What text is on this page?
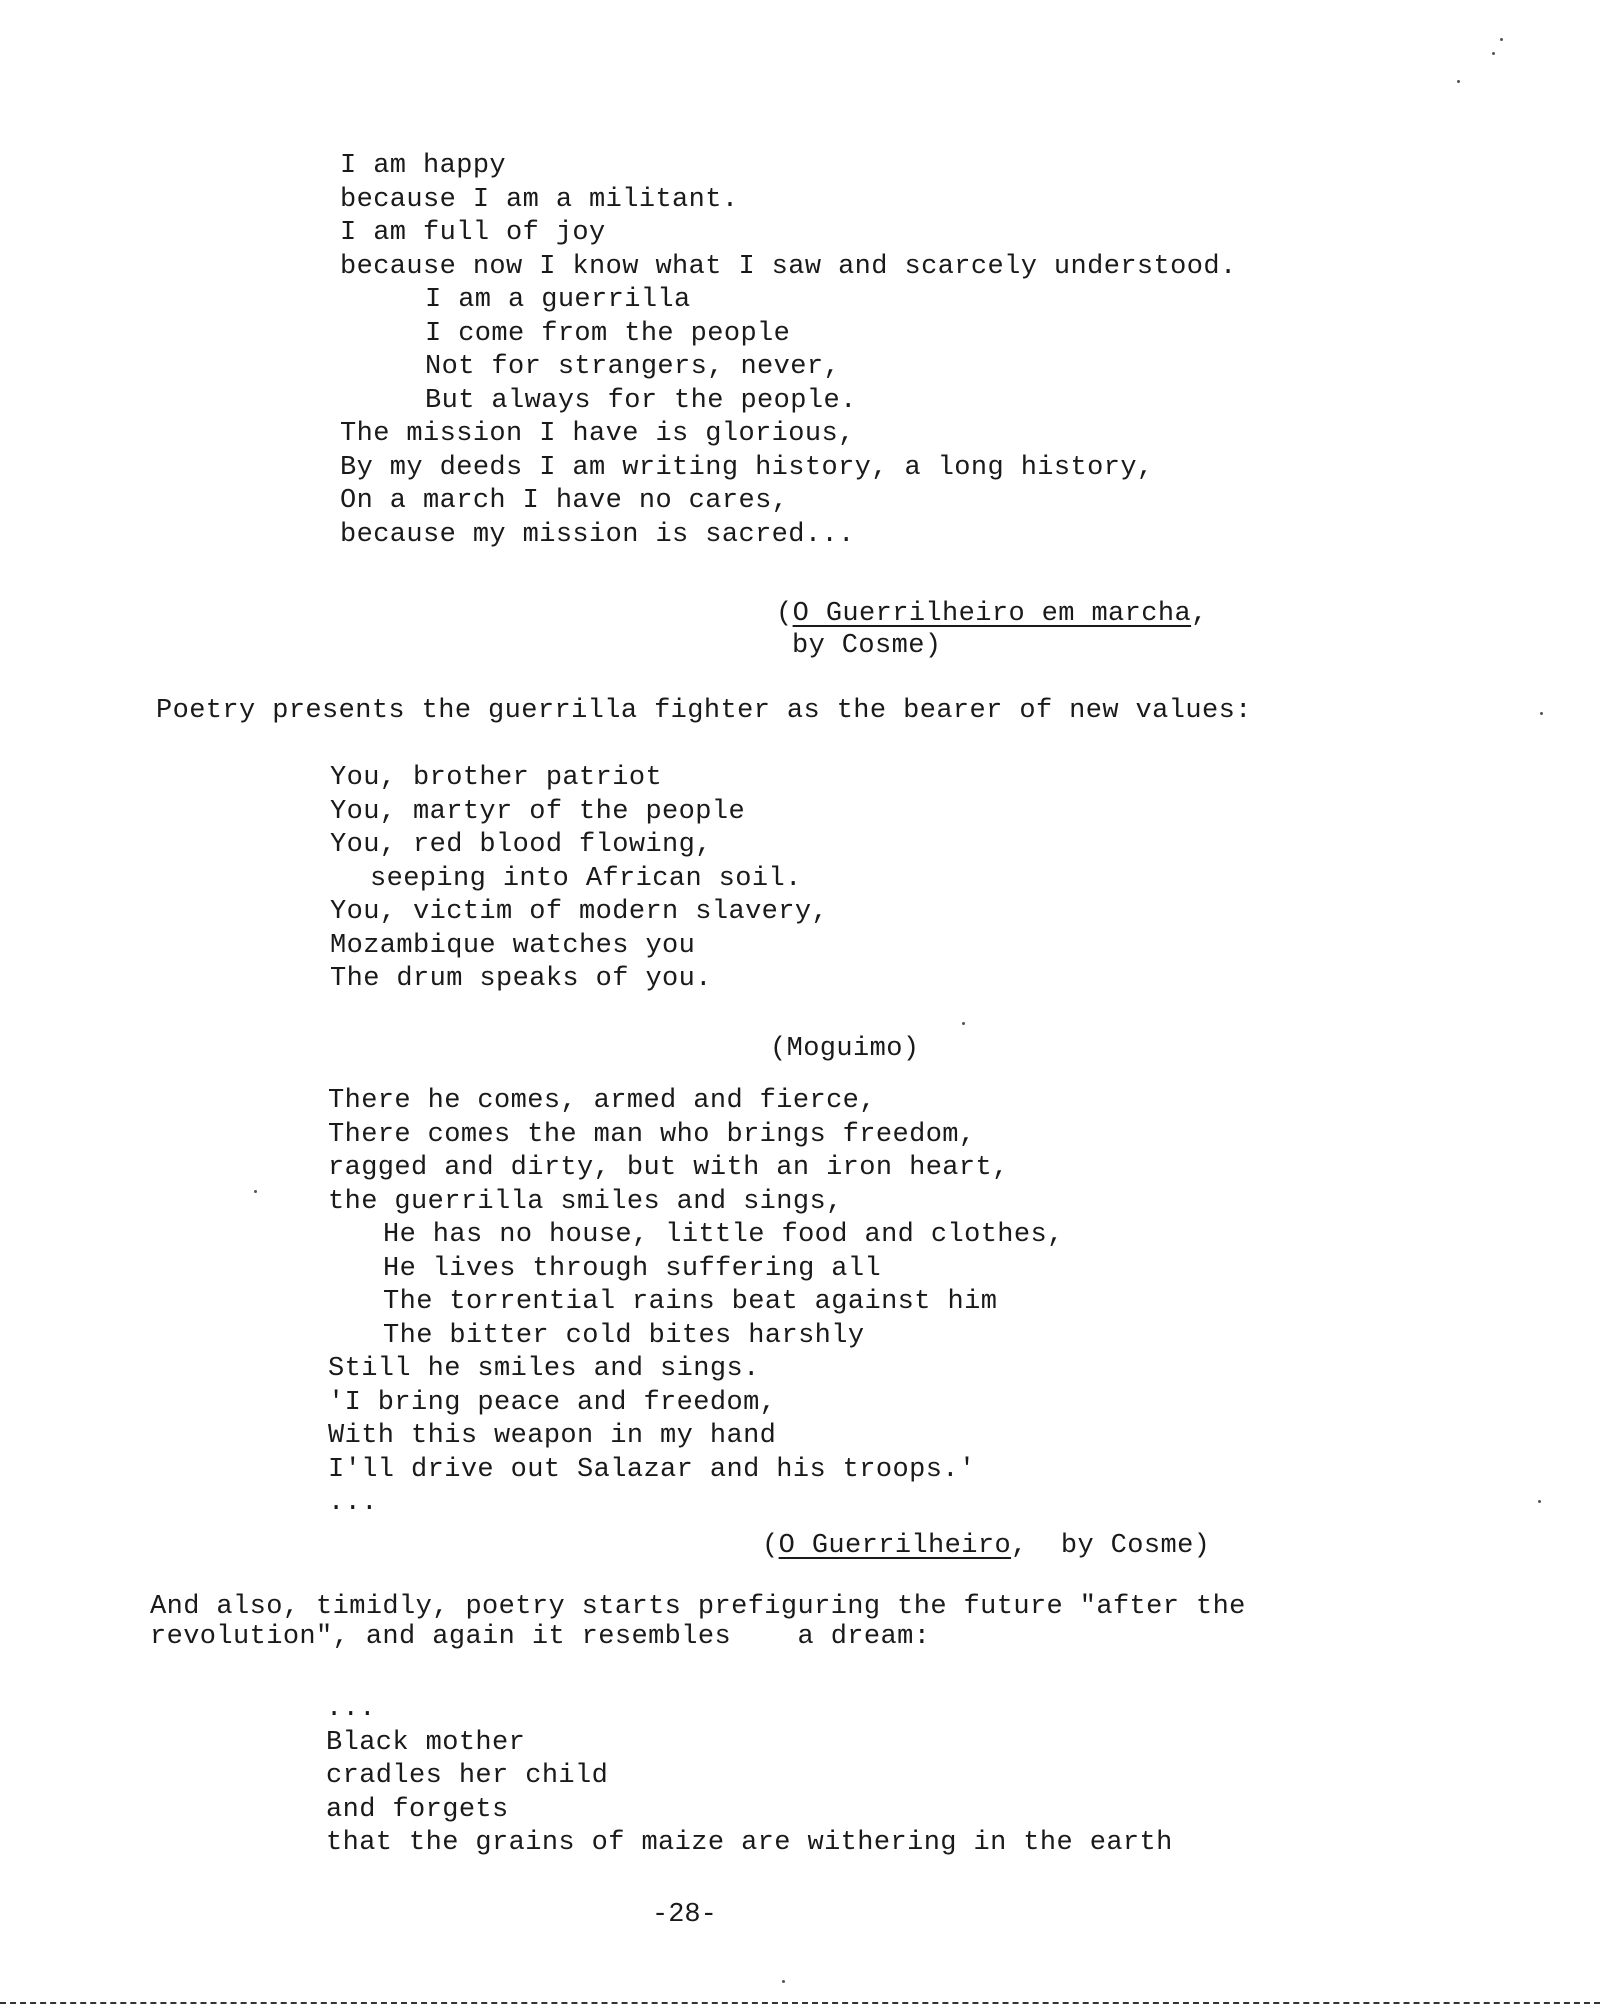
I am happy
because I am a militant.
I am full of joy
because now I know what I saw and scarcely understood.
I am a guerrilla
I come from the people
Not for strangers, never,
But always for the people.
The mission I have is glorious,
By my deeds I am writing history, a long history,
On a march I have no cares,
because my mission is sacred...
(O Guerrilheiro em marcha,
by Cosme)
Poetry presents the guerrilla fighter as the bearer of new values:
You, brother patriot
You, martyr of the people
You, red blood flowing,
seeping into African soil.
You, victim of modern slavery,
Mozambique watches you
The drum speaks of you.
(Moguimo)
There he comes, armed and fierce,
There comes the man who brings freedom,
ragged and dirty, but with an iron heart,
the guerrilla smiles and sings,
He has no house, little food and clothes,
He lives through suffering all
The torrential rains beat against him
The bitter cold bites harshly
Still he smiles and sings.
'I bring peace and freedom,
With this weapon in my hand
I'll drive out Salazar and his troops.'
...
(O Guerrilheiro,  by Cosme)
And also, timidly, poetry starts prefiguring the future "after the
revolution", and again it resembles    a dream:
...
Black mother
cradles her child
and forgets
that the grains of maize are withering in the earth
-28-
